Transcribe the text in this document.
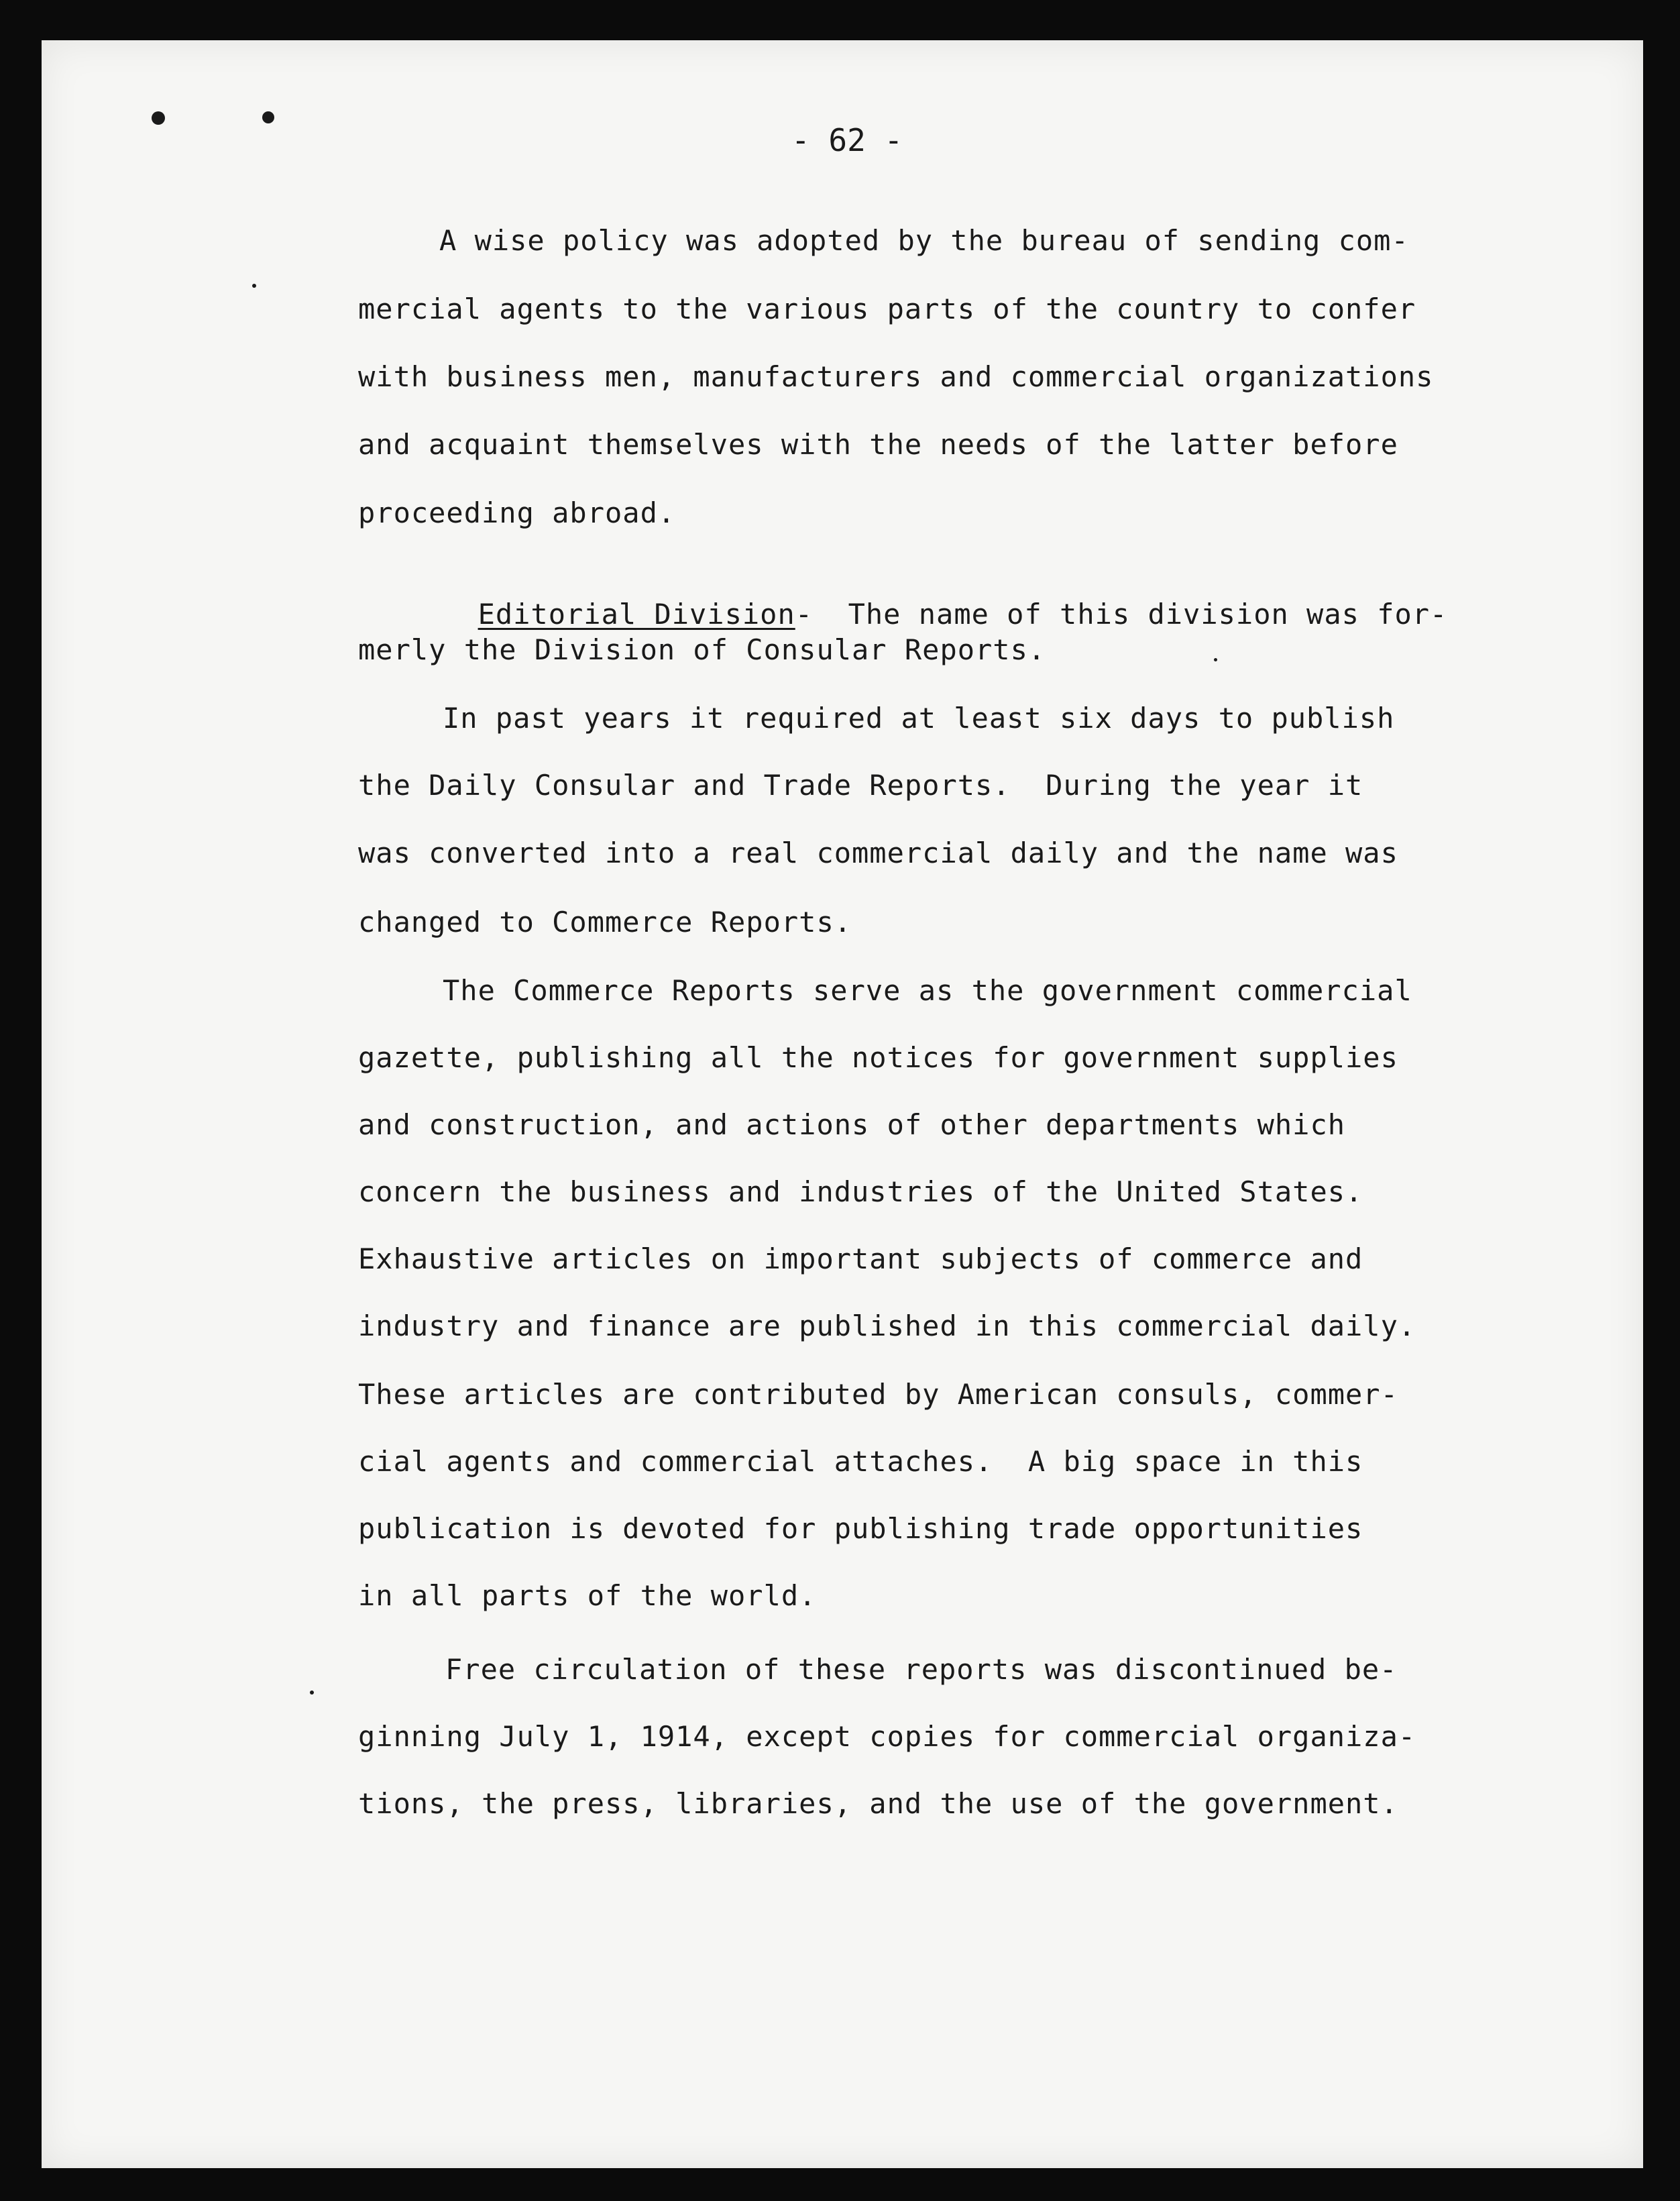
- 62 -
A wise policy was adopted by the bureau of sending com-
mercial agents to the various parts of the country to confer
with business men, manufacturers and commercial organizations
and acquaint themselves with the needs of the latter before
proceeding abroad.

Editorial Division- The name of this division was for-

merly the Division of Consular Reports.
In past years it required at least six days to publish
the Daily Consular and Trade Reports.  During the year it
was converted into a real commercial daily and the name was
changed to Commerce Reports.
The Commerce Reports serve as the government commercial
gazette, publishing all the notices for government supplies
and construction, and actions of other departments which
concern the business and industries of the United States.
Exhaustive articles on important subjects of commerce and
industry and finance are published in this commercial daily.
These articles are contributed by American consuls, commer-
cial agents and commercial attaches.  A big space in this
publication is devoted for publishing trade opportunities
in all parts of the world.
Free circulation of these reports was discontinued be-
ginning July 1, 1914, except copies for commercial organiza-
tions, the press, libraries, and the use of the government.
